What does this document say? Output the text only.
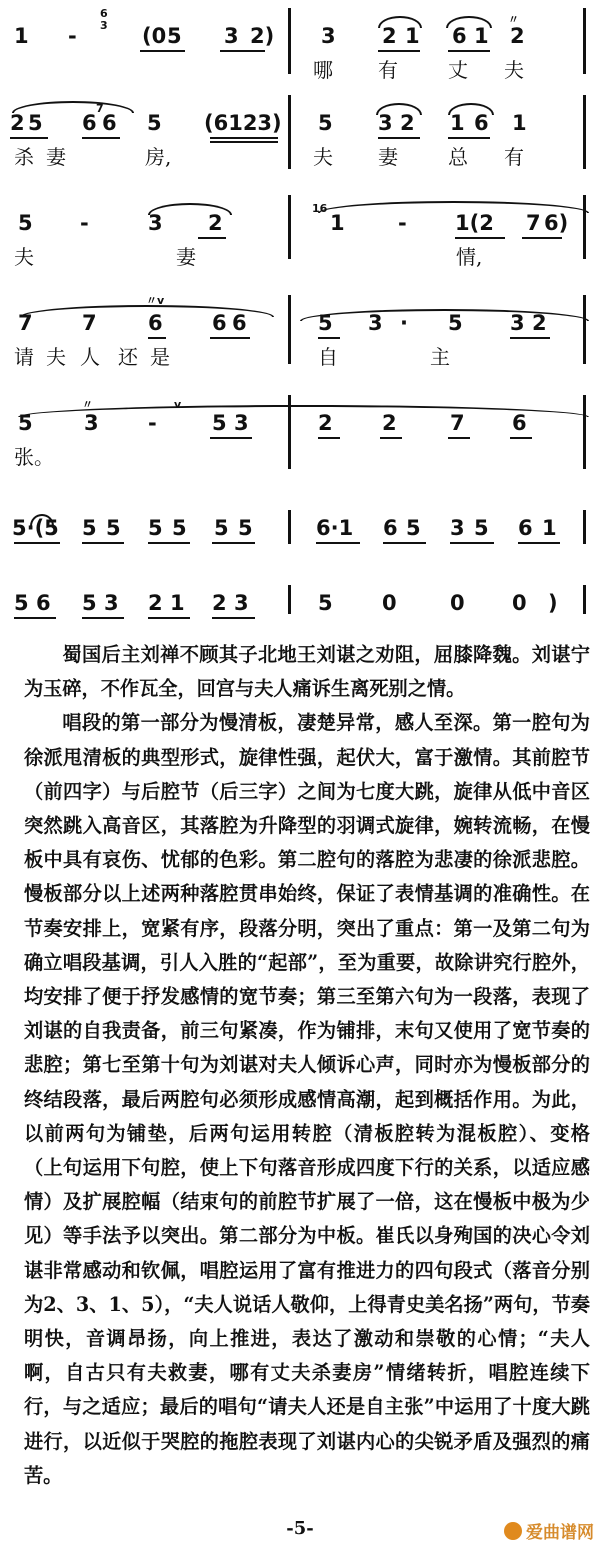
1 -	(0 5 3 2) 3 2 1 6 1 2
6
3	〃
哪 有	丈 夫
2 5 6 6 5 (6123) 5 3 2 1 6 1
7
杀 妻	房,	夫 妻	总 有
5 -	3 2	1	- 1(2 7 6)
16
夫	妻	情,
7 7 6 6 6	5 3 · 5 3 2
〃v
请 夫 人 还 是	自	主
5 3 -	5 3	2 2	7 6
〃	v
张。
5·(5 5 5 5 5 5 5	6·1 6 5 3 5 6 1
5 6 5 3 2 1 2 3	5 0	0 0 )

蜀国后主刘禅不顾其子北地王刘谌之劝阻，屈膝降魏。刘谌宁为玉碎，不作瓦全，回宫与夫人痛诉生离死别之情。

唱段的第一部分为慢清板，凄楚异常，感人至深。第一腔句为徐派甩清板的典型形式，旋律性强，起伏大，富于激情。其前腔节（前四字）与后腔节（后三字）之间为七度大跳，旋律从低中音区突然跳入高音区，其落腔为升降型的羽调式旋律，婉转流畅，在慢板中具有哀伤、忧郁的色彩。第二腔句的落腔为悲凄的徐派悲腔。慢板部分以上述两种落腔贯串始终，保证了表情基调的准确性。在节奏安排上，宽紧有序，段落分明，突出了重点：第一及第二句为确立唱段基调，引人入胜的“起部”，至为重要，故除讲究行腔外，均安排了便于抒发感情的宽节奏；第三至第六句为一段落，表现了刘谌的自我责备，前三句紧凑，作为铺排，末句又使用了宽节奏的悲腔；第七至第十句为刘谌对夫人倾诉心声，同时亦为慢板部分的终结段落，最后两腔句必须形成感情高潮，起到概括作用。为此，以前两句为铺垫，后两句运用转腔（清板腔转为混板腔）、变格（上句运用下句腔，使上下句落音形成四度下行的关系，以适应感情）及扩展腔幅（结束句的前腔节扩展了一倍，这在慢板中极为少见）等手法予以突出。第二部分为中板。崔氏以身殉国的决心令刘谌非常感动和钦佩，唱腔运用了富有推进力的四句段式（落音分别为2、3、1、5），“夫人说话人敬仰，上得青史美名扬”两句，节奏明快，音调昂扬，向上推进，表达了激动和崇敬的心情；“夫人啊，自古只有夫救妻，哪有丈夫杀妻房”情绪转折，唱腔连续下行，与之适应；最后的唱句“请夫人还是自主张”中运用了十度大跳进行，以近似于哭腔的拖腔表现了刘谌内心的尖锐矛盾及强烈的痛苦。

-5-	爱曲谱网
